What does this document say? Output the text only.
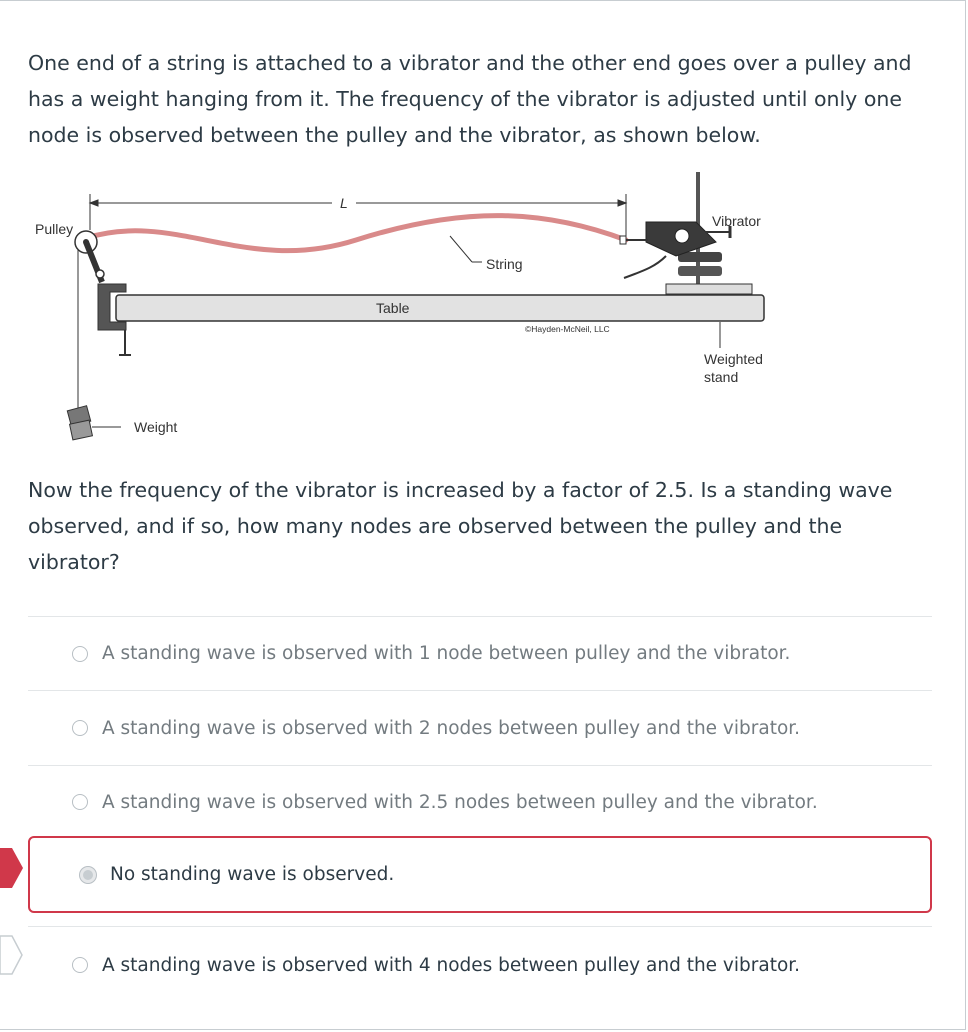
One end of a string is attached to a vibrator and the other end goes over a pulley and has a weight hanging from it. The frequency of the vibrator is adjusted until only one node is observed between the pulley and the vibrator, as shown below.

L
Pulley
Table
©Hayden-McNeil, LLC
Weight
Vibrator
String
Weighted
stand

Now the frequency of the vibrator is increased by a factor of 2.5. Is a standing wave observed, and if so, how many nodes are observed between the pulley and the vibrator?

A standing wave is observed with 1 node between pulley and the vibrator.
A standing wave is observed with 2 nodes between pulley and the vibrator.
A standing wave is observed with 2.5 nodes between pulley and the vibrator.
No standing wave is observed.
A standing wave is observed with 4 nodes between pulley and the vibrator.
